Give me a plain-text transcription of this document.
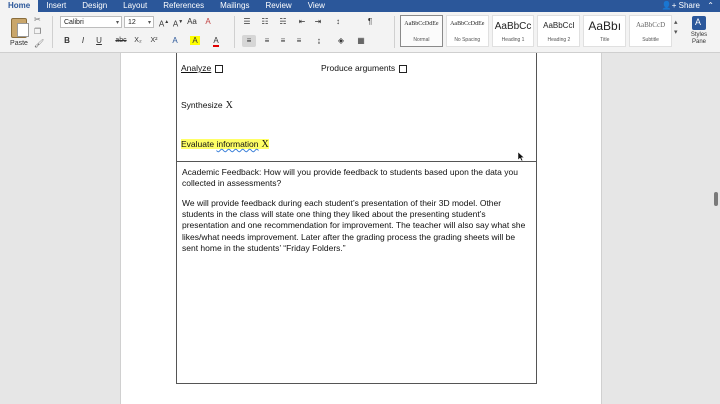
Home	Insert	Design	Layout	References	Mailings	Review	View	👤+ Share ⌃
Paste
✂
❐
🖌
Calibri	▾	12 ▾ A▲ A▼ Aa	A
B	I	U	abc	X₂	X²	A	A	A
☰	☷	☵	⇤	⇥	↕	¶
≡	≡	≡	≡	↨	◈	▦
AaBbCcDdEe
Normal
AaBbCcDdEe
No Spacing
AaBbCc
Heading 1
AaBbCcI
Heading 2
AaBbı
Title
AaBbCcD
Subtitle
▴
▾
A	Styles Pane
Analyze	Produce arguments
Synthesize X
Evaluate information X
Academic Feedback: How will you provide feedback to students based upon the data you collected in assessments?
We will provide feedback during each student’s presentation of their 3D model. Other students in the class will state one thing they liked about the presenting student’s presentation and one recommendation for improvement. The teacher will also say what she likes/what needs improvement. Later after the grading process the grading sheets will be sent home in the students’ “Friday Folders.”
